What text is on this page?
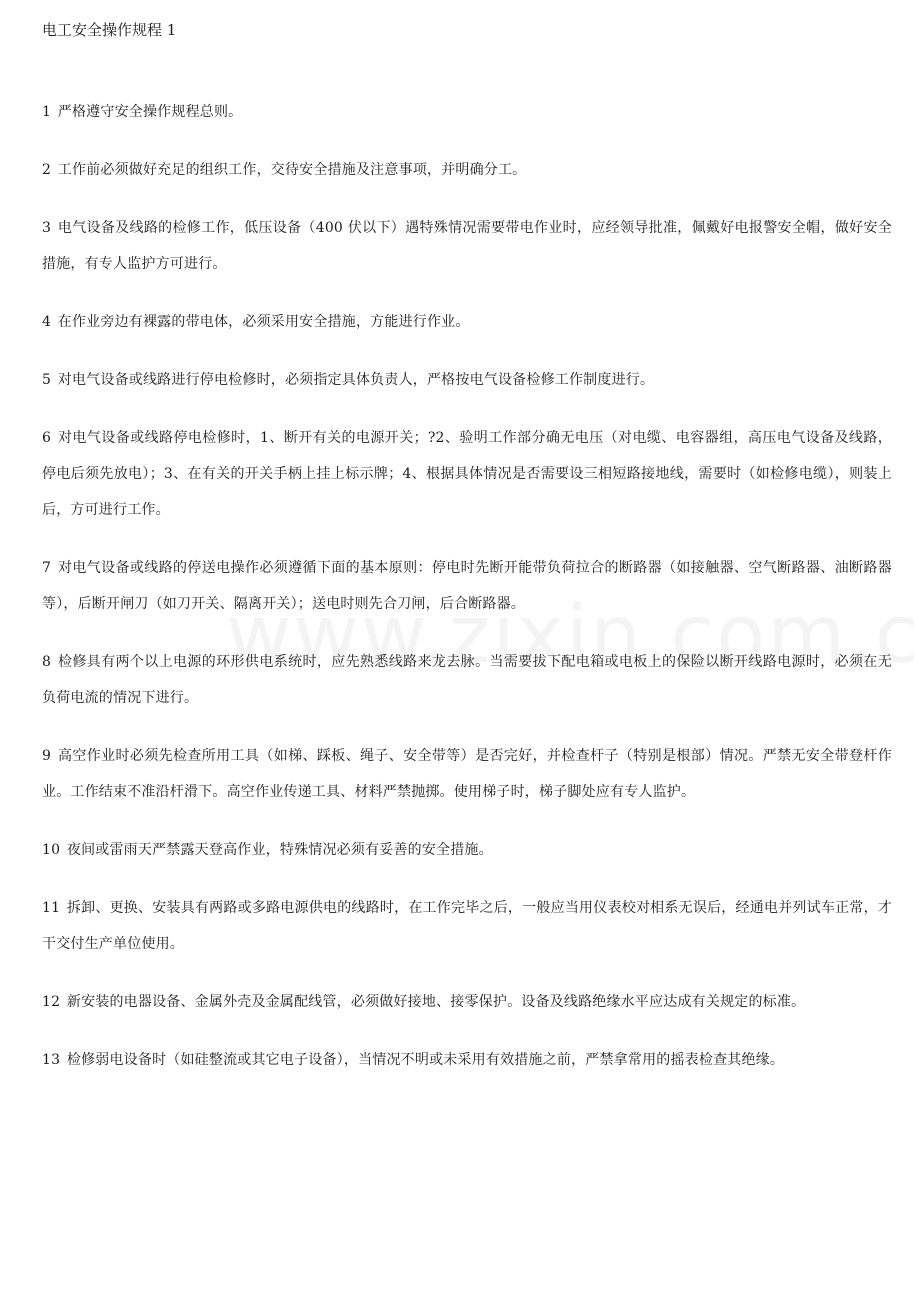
电工安全操作规程 1

1 严格遵守安全操作规程总则。

2 工作前必须做好充足的组织工作，交待安全措施及注意事项，并明确分工。

3 电气设备及线路的检修工作，低压设备（400 伏以下）遇特殊情况需要带电作业时，应经领导批准，佩戴好电报警安全帽，做好安全措施，有专人监护方可进行。

4 在作业旁边有裸露的带电体，必须采用安全措施，方能进行作业。

5 对电气设备或线路进行停电检修时，必须指定具体负责人，严格按电气设备检修工作制度进行。

6 对电气设备或线路停电检修时，1、断开有关的电源开关；?2、验明工作部分确无电压（对电缆、电容器组，高压电气设备及线路，停电后须先放电）；3、在有关的开关手柄上挂上标示牌；4、根据具体情况是否需要设三相短路接地线，需要时（如检修电缆），则装上后，方可进行工作。

7 对电气设备或线路的停送电操作必须遵循下面的基本原则：停电时先断开能带负荷拉合的断路器（如接触器、空气断路器、油断路器等），后断开闸刀（如刀开关、隔离开关）；送电时则先合刀闸，后合断路器。

8 检修具有两个以上电源的环形供电系统时，应先熟悉线路来龙去脉。当需要拔下配电箱或电板上的保险以断开线路电源时，必须在无负荷电流的情况下进行。

9 高空作业时必须先检查所用工具（如梯、踩板、绳子、安全带等）是否完好，并检查杆子（特别是根部）情况。严禁无安全带登杆作业。工作结束不准沿杆滑下。高空作业传递工具、材料严禁抛掷。使用梯子时，梯子脚处应有专人监护。

10 夜间或雷雨天严禁露天登高作业，特殊情况必须有妥善的安全措施。

11 拆卸、更换、安装具有两路或多路电源供电的线路时，在工作完毕之后，一般应当用仪表校对相系无误后，经通电并列试车正常，才干交付生产单位使用。

12 新安装的电器设备、金属外壳及金属配线管，必须做好接地、接零保护。设备及线路绝缘水平应达成有关规定的标准。

13 检修弱电设备时（如硅整流或其它电子设备），当情况不明或未采用有效措施之前，严禁拿常用的摇表检查其绝缘。
